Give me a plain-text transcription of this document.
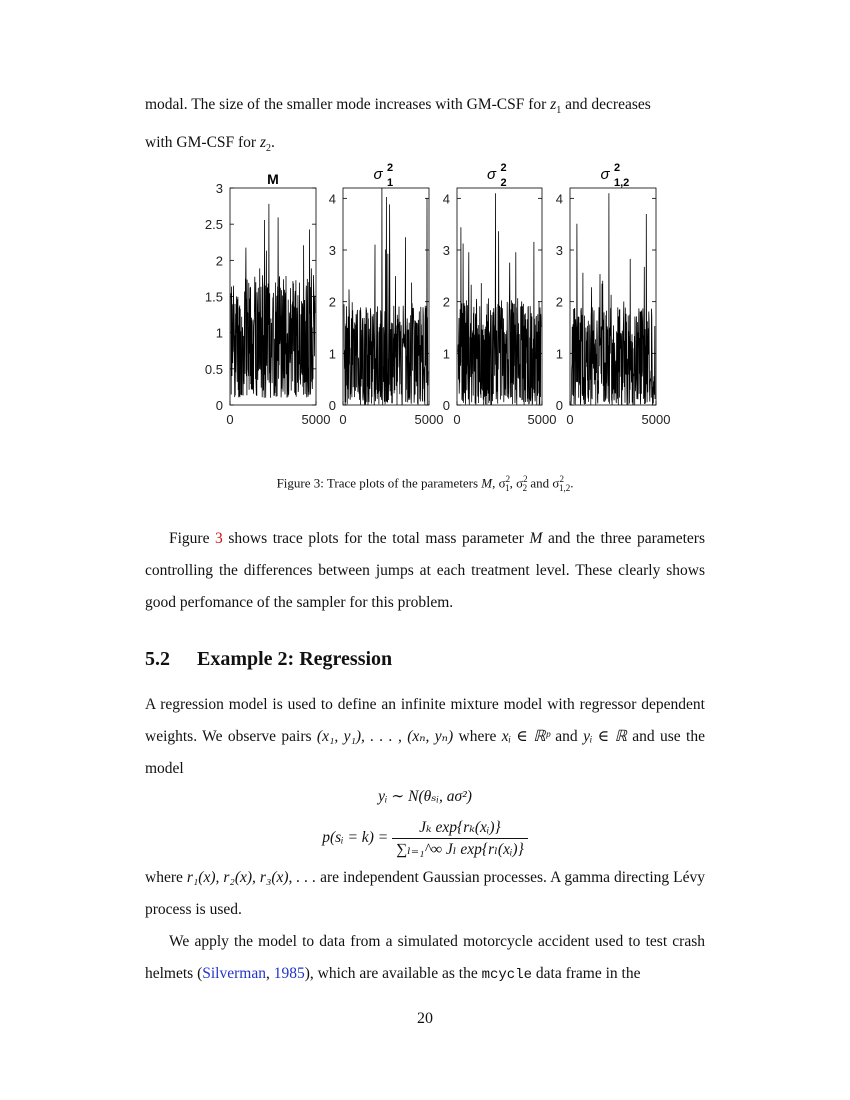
modal. The size of the smaller mode increases with GM-CSF for $z_1$ and decreases
with GM-CSF for $z_2$.

0
0.5
1
1.5
2
2.5
3
0	5000
M
0
1
2
3
4
0	5000
σ 2
1
0
1
2
3
4
0	5000
σ 2
2
0
1
2
3
4
0	5000
σ 2
1,2
Figure 3: Trace plots of the parameters M, $\sigma^2_1$, $\sigma^2_2$ and $\sigma^2_{1,2}$.

Figure 3 shows trace plots for the total mass parameter M and the three parameters controlling the differences between jumps at each treatment level. These clearly shows good perfomance of the sampler for this problem.

5.2 Example 2: Regression

A regression model is used to define an infinite mixture model with regressor dependent weights. We observe pairs (x₁, y₁), . . . , (xₙ, yₙ) where xᵢ ∈ ℝᵖ and yᵢ ∈ ℝ and use the model

yᵢ ∼ N(θₛᵢ, aσ²)
p(sᵢ = $k) = \frac{\text{Jₖ exp\{rₖ(xᵢ)\}}}{\text{∑ₗ₌₁\textasciicircum{}∞ Jₗ exp\{rₗ(xᵢ)\}}}$

where r₁(x), r₂(x), r₃(x), . . . are independent Gaussian processes. A gamma directing Lévy process is used.

We apply the model to data from a simulated motorcycle accident used to test crash helmets (Silverman, 1985), which are available as the mcycle data frame in the

20
